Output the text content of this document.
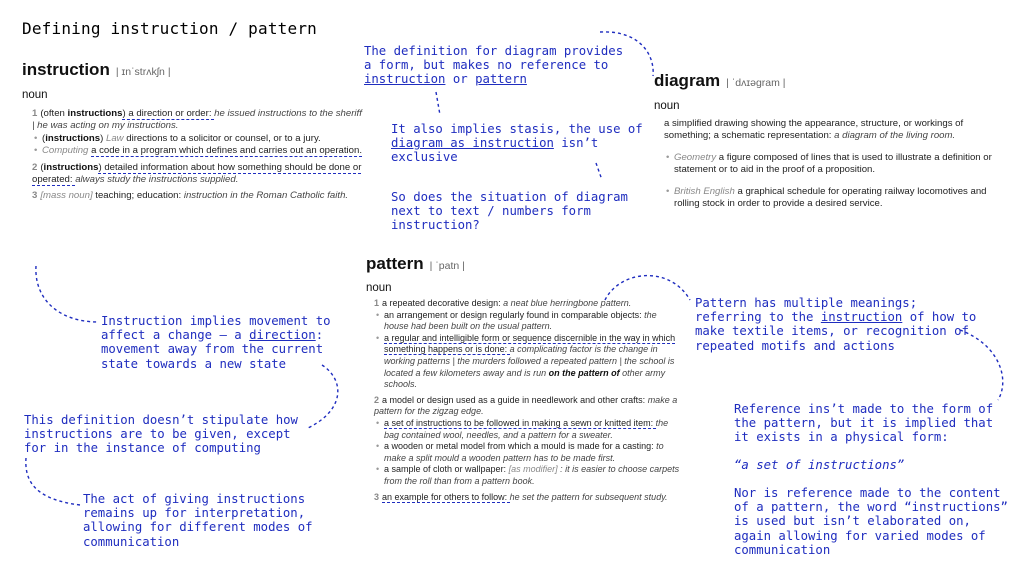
Defining instruction / pattern
instruction | ɪnˈstrʌkʃn |
noun
1 (often instructions) a direction or order: he issued instructions to the sheriff | he was acting on my instructions.
• (instructions) Law directions to a solicitor or counsel, or to a jury.
• Computing a code in a program which defines and carries out an operation.
2 (instructions) detailed information about how something should be done or operated: always study the instructions supplied.
3 [mass noun] teaching; education: instruction in the Roman Catholic faith.
diagram | ˈdʌɪəɡram |
noun
a simplified drawing showing the appearance, structure, or workings of something; a schematic representation: a diagram of the living room.
• Geometry a figure composed of lines that is used to illustrate a definition or statement or to aid in the proof of a proposition.
• British English a graphical schedule for operating railway locomotives and rolling stock in order to provide a desired service.
pattern | ˈpatn |
noun
1 a repeated decorative design: a neat blue herringbone pattern.
• an arrangement or design regularly found in comparable objects: the house had been built on the usual pattern.
• a regular and intelligible form or sequence discernible in the way in which something happens or is done: a complicating factor is the change in working patterns | the murders followed a repeated pattern | the school is located a few kilometers away and is run on the pattern of other army schools.
2 a model or design used as a guide in needlework and other crafts: make a pattern for the zigzag edge.
• a set of instructions to be followed in making a sewn or knitted item: the bag contained wool, needles, and a pattern for a sweater.
• a wooden or metal model from which a mould is made for a casting: to make a split mould a wooden pattern has to be made first.
• a sample of cloth or wallpaper: [as modifier] : it is easier to choose carpets from the roll than from a pattern book.
3 an example for others to follow: he set the pattern for subsequent study.
The definition for diagram provides a form, but makes no reference to instruction or pattern
It also implies stasis, the use of diagram as instruction isn’t exclusive
So does the situation of diagram next to text / numbers form instruction?
Instruction implies movement to affect a change – a direction: movement away from the current state towards a new state
This definition doesn’t stipulate how instructions are to be given, except for in the instance of computing
The act of giving instructions remains up for interpretation, allowing for different modes of communication
Pattern has multiple meanings; referring to the instruction of how to make textile items, or recognition of repeated motifs and actions
Reference ins’t made to the form of the pattern, but it is implied that it exists in a physical form:
“a set of instructions”
Nor is reference made to the content of a pattern, the word “instructions” is used but isn’t elaborated on, again allowing for varied modes of communication
